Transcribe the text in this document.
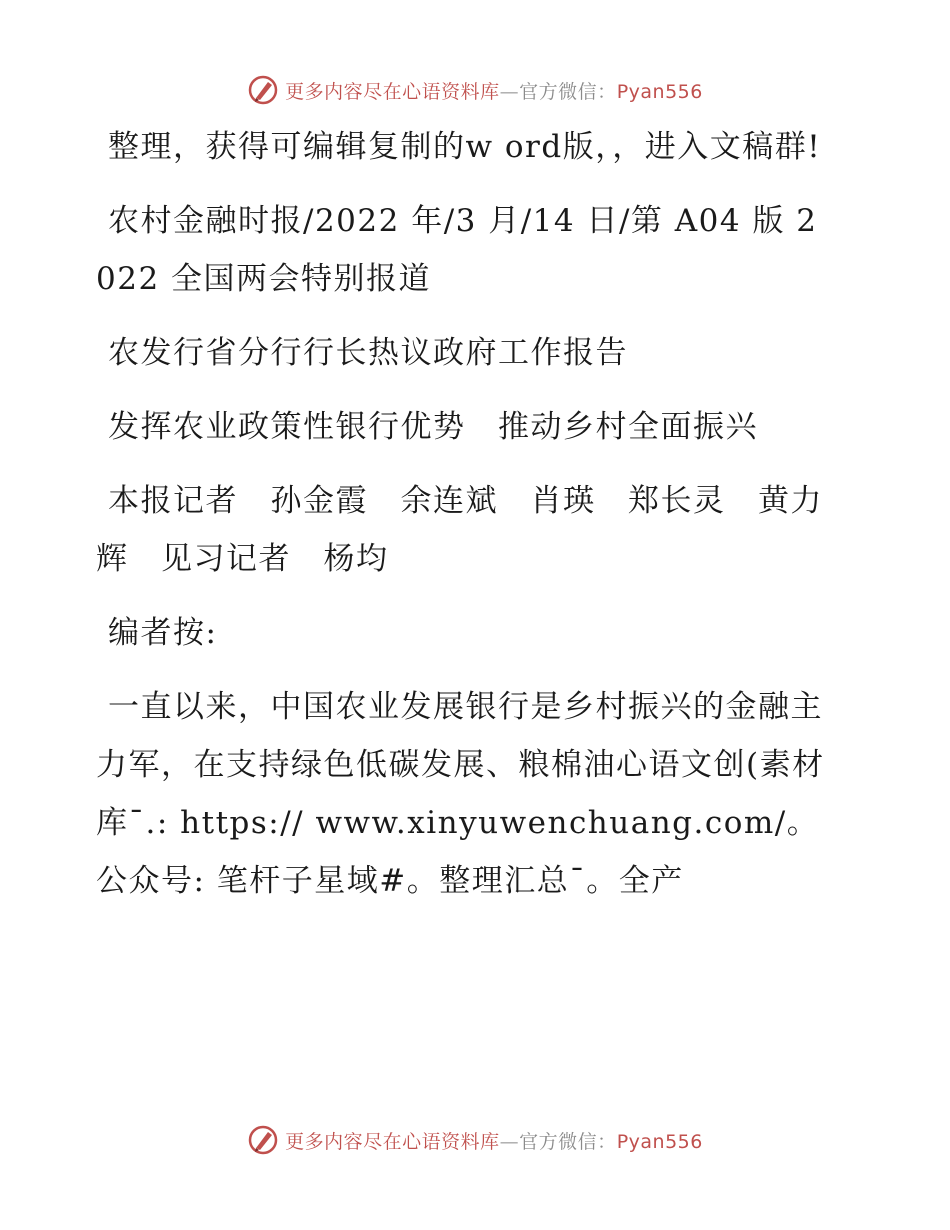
更多内容尽在心语资料库—官方微信：Pyan556

整理，获得可编辑复制的w ord版，，进入文稿群!

农村金融时报/2022 年/3 月/14 日/第 A04 版 2022 全国两会特别报道

农发行省分行行长热议政府工作报告

发挥农业政策性银行优势　推动乡村全面振兴

本报记者　孙金霞　余连斌　肖瑛　郑长灵　黄力辉　见习记者　杨均

编者按:

一直以来，中国农业发展银行是乡村振兴的金融主力军，在支持绿色低碳发展、粮棉油心语文创(素材库¯.: https:// www.xinyuwenchuang.com/。公众号: 笔杆子星域#。整理汇总¯。全产

更多内容尽在心语资料库—官方微信：Pyan556
